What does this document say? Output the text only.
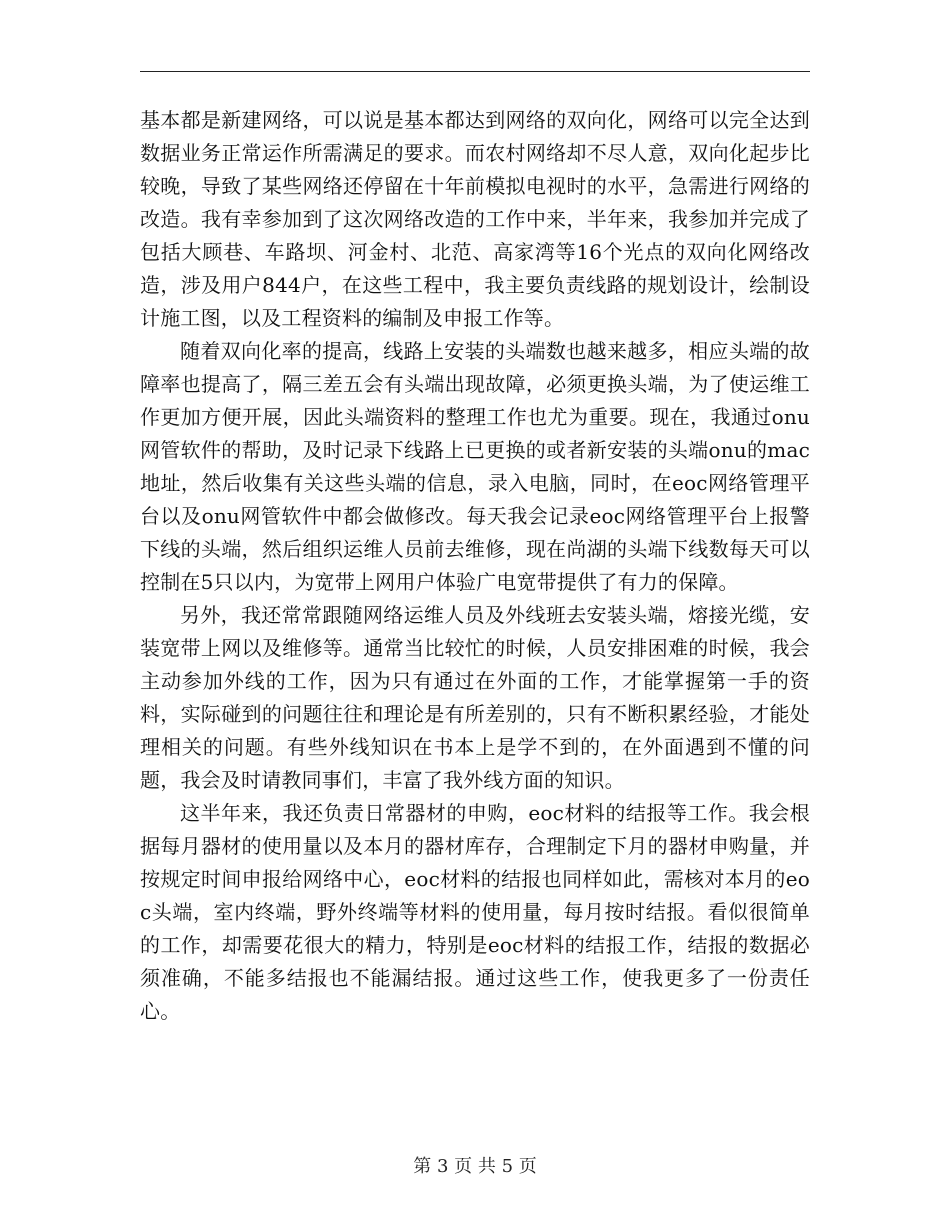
基本都是新建网络，可以说是基本都达到网络的双向化，网络可以完全达到数据业务正常运作所需满足的要求。而农村网络却不尽人意，双向化起步比较晚，导致了某些网络还停留在十年前模拟电视时的水平，急需进行网络的改造。我有幸参加到了这次网络改造的工作中来，半年来，我参加并完成了包括大顾巷、车路坝、河金村、北范、高家湾等16个光点的双向化网络改造，涉及用户844户，在这些工程中，我主要负责线路的规划设计，绘制设计施工图，以及工程资料的编制及申报工作等。

随着双向化率的提高，线路上安装的头端数也越来越多，相应头端的故障率也提高了，隔三差五会有头端出现故障，必须更换头端，为了使运维工作更加方便开展，因此头端资料的整理工作也尤为重要。现在，我通过onu网管软件的帮助，及时记录下线路上已更换的或者新安装的头端onu的mac地址，然后收集有关这些头端的信息，录入电脑，同时，在eoc网络管理平台以及onu网管软件中都会做修改。每天我会记录eoc网络管理平台上报警下线的头端，然后组织运维人员前去维修，现在尚湖的头端下线数每天可以控制在5只以内，为宽带上网用户体验广电宽带提供了有力的保障。

另外，我还常常跟随网络运维人员及外线班去安装头端，熔接光缆，安装宽带上网以及维修等。通常当比较忙的时候，人员安排困难的时候，我会主动参加外线的工作，因为只有通过在外面的工作，才能掌握第一手的资料，实际碰到的问题往往和理论是有所差别的，只有不断积累经验，才能处理相关的问题。有些外线知识在书本上是学不到的，在外面遇到不懂的问题，我会及时请教同事们，丰富了我外线方面的知识。

这半年来，我还负责日常器材的申购，eoc材料的结报等工作。我会根据每月器材的使用量以及本月的器材库存，合理制定下月的器材申购量，并按规定时间申报给网络中心，eoc材料的结报也同样如此，需核对本月的eoc头端，室内终端，野外终端等材料的使用量，每月按时结报。看似很简单的工作，却需要花很大的精力，特别是eoc材料的结报工作，结报的数据必须准确，不能多结报也不能漏结报。通过这些工作，使我更多了一份责任心。

第 3 页 共 5 页
